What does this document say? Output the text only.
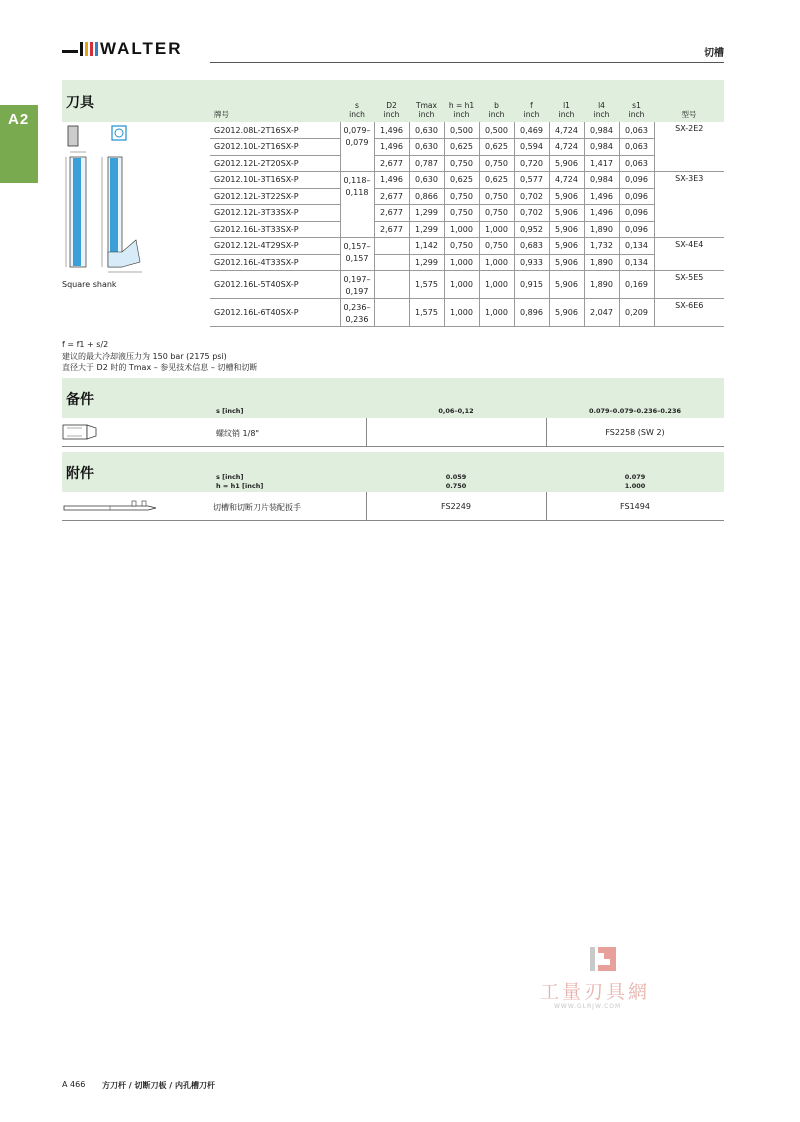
WALTER	切槽
A2
刀具
牌号	s
inch	D2
inch	Tmax
inch	h = h1
inch	b
inch	f
inch	l1
inch	l4
inch	s1
inch	型号
G2012.08L-2T16SX-P	0,079–0,079	1,496	0,630	0,500	0,500	0,469	4,724	0,984	0,063	SX-2E2
G2012.10L-2T16SX-P		1,496	0,630	0,625	0,625	0,594	4,724	0,984	0,063	
G2012.12L-2T20SX-P		2,677	0,787	0,750	0,750	0,720	5,906	1,417	0,063	
G2012.10L-3T16SX-P	0,118–0,118	1,496	0,630	0,625	0,625	0,577	4,724	0,984	0,096	SX-3E3
G2012.12L-3T22SX-P		2,677	0,866	0,750	0,750	0,702	5,906	1,496	0,096	
G2012.12L-3T33SX-P		2,677	1,299	0,750	0,750	0,702	5,906	1,496	0,096	
G2012.16L-3T33SX-P		2,677	1,299	1,000	1,000	0,952	5,906	1,890	0,096	
G2012.12L-4T29SX-P	0,157–0,157		1,142	0,750	0,750	0,683	5,906	1,732	0,134	SX-4E4
G2012.16L-4T33SX-P			1,299	1,000	1,000	0,933	5,906	1,890	0,134	
G2012.16L-5T40SX-P	0,197–0,197		1,575	1,000	1,000	0,915	5,906	1,890	0,169	SX-5E5
G2012.16L-6T40SX-P	0,236–0,236		1,575	1,000	1,000	0,896	5,906	2,047	0,209	SX-6E6
Square shank
f = f1 + s/2
建议的最大冷却液压力为 150 bar (2175 psi)
直径大于 D2 时的 Tmax – 参见技术信息 – 切槽和切断
备件
s [inch]	0,06–0,12	0.079–0.079–0.236–0.236
螺纹销 1/8"	FS2258 (SW 2)
附件	s [inch]
h = h1 [inch]
0.059
0.750
0.079
1.000
切槽和切断刀片装配扳手	FS2249	FS1494
工量刃具網
WWW.GLRJW.COM
A 466 方刀杆 / 切断刀板 / 内孔槽刀杆
